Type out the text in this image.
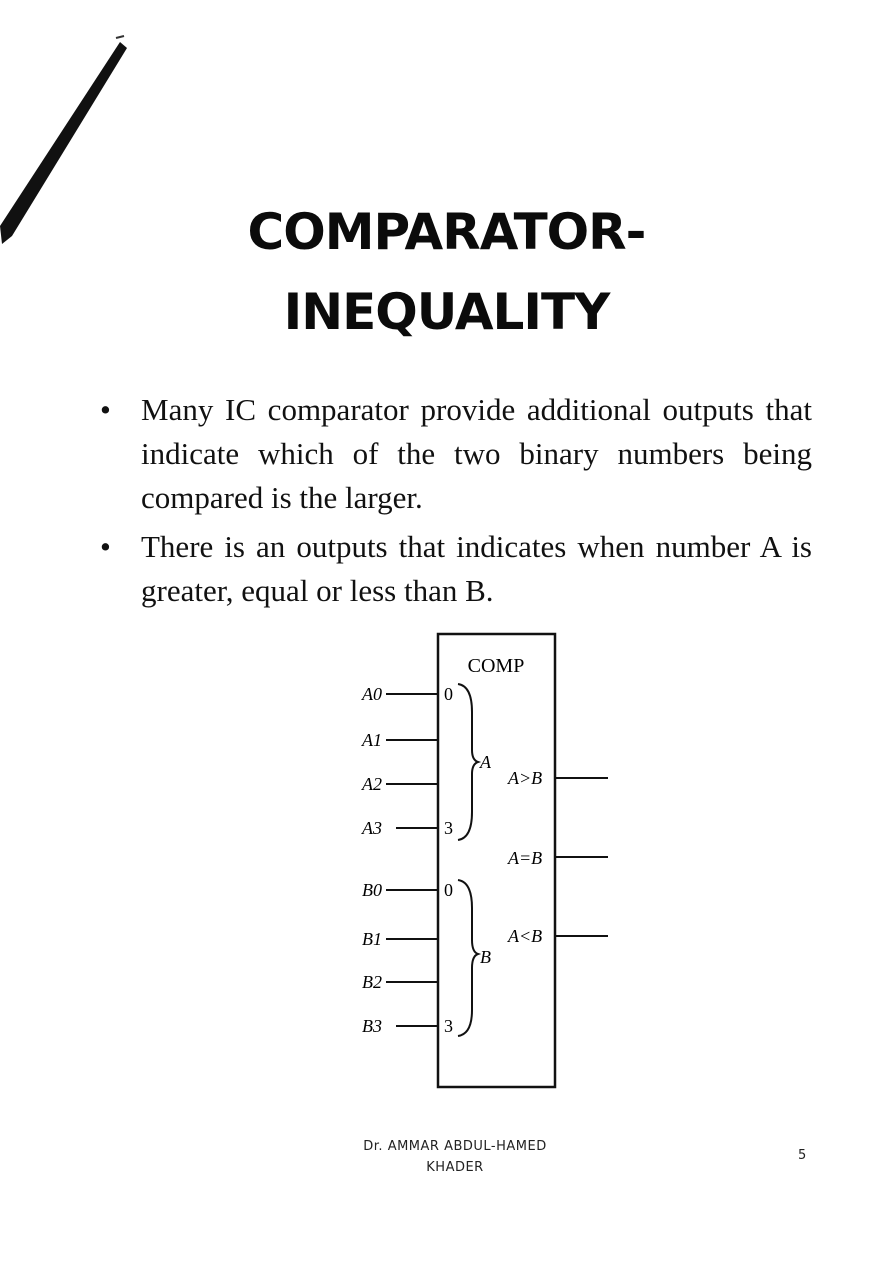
COMPARATOR-
INEQUALITY
• Many IC comparator provide additional outputs that indicate which of the two binary numbers being compared is the larger.
• There is an outputs that indicates when number A is greater, equal or less than B.
COMP
A0
A1
A2
A3
B0
B1
B2
B3
0
3
0
3
A
B
A>B
A=B
A<B
Dr. AMMAR ABDUL-HAMED
KHADER
5
